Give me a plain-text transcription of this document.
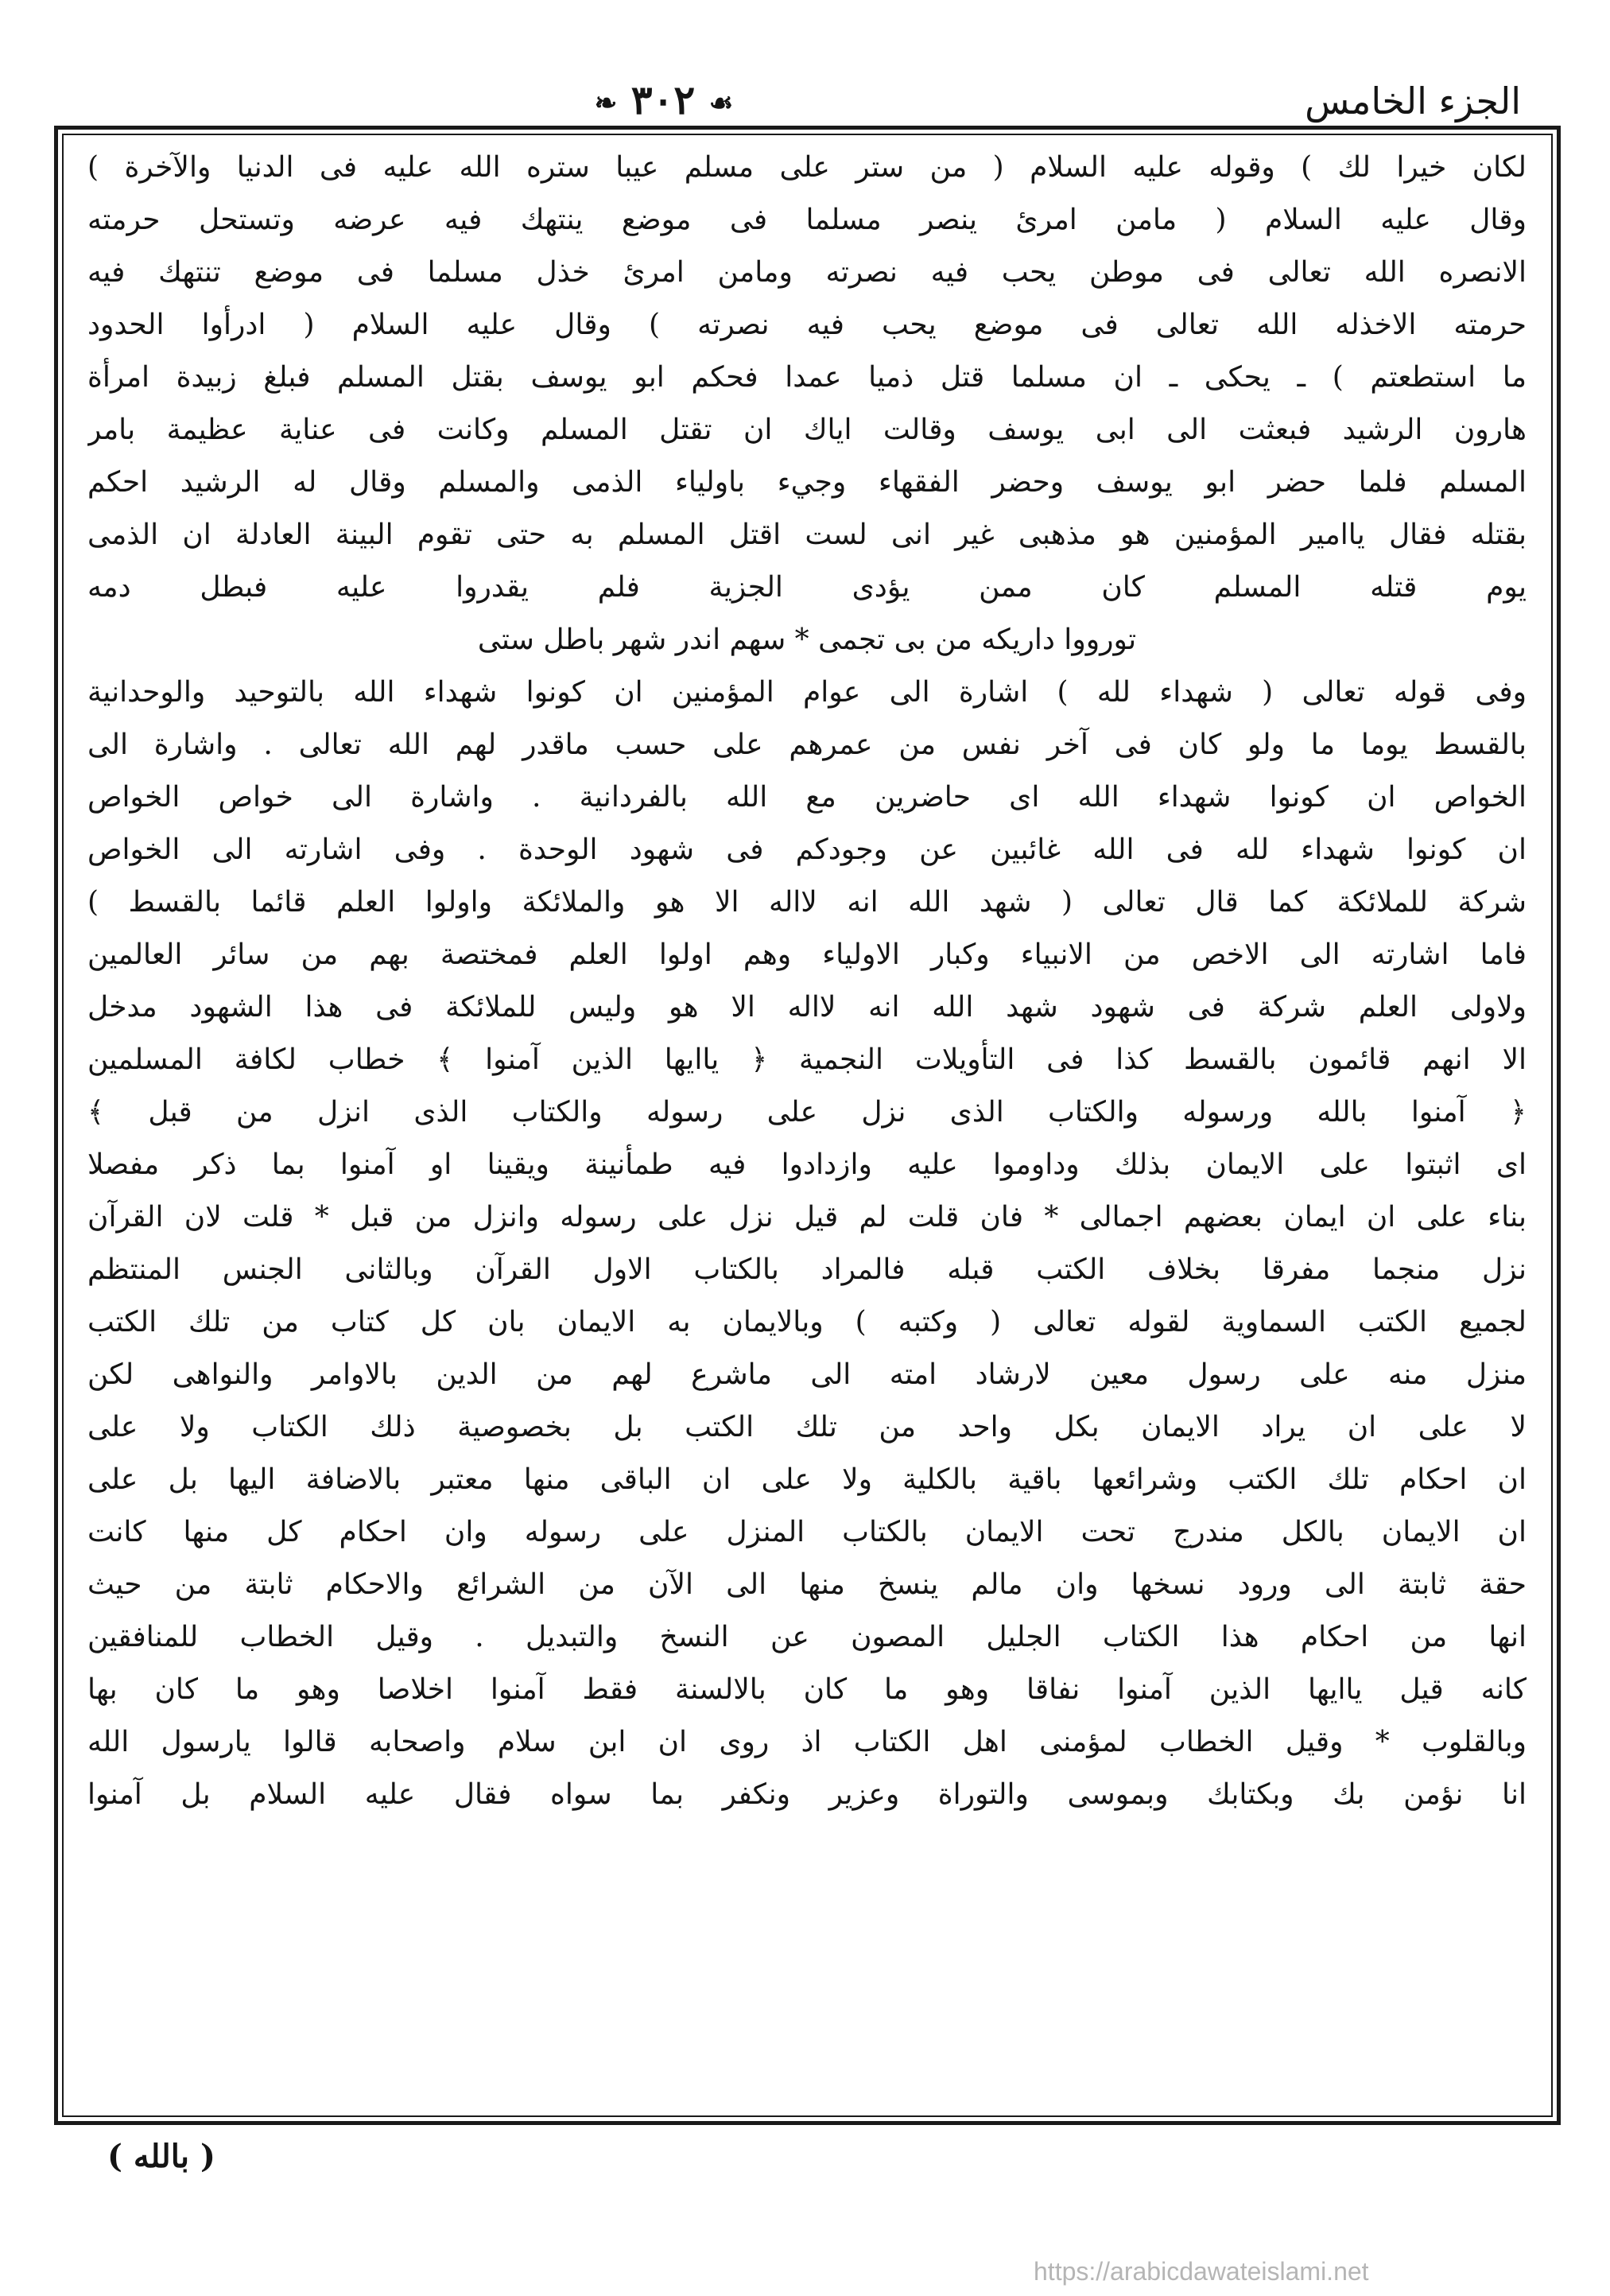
الجزء الخامس
❧ ٣٠٢ ☙
لكان خيرا لك ) وقوله عليه السلام ( من ستر على مسلم عيبا ستره الله عليه فى الدنيا والآخرة )
وقال عليه السلام ( مامن امرئ ينصر مسلما فى موضع ينتهك فيه عرضه وتستحل حرمته
الانصره الله تعالى فى موطن يحب فيه نصرته ومامن امرئ خذل مسلما فى موضع تنتهك فيه
حرمته الاخذله الله تعالى فى موضع يحب فيه نصرته ) وقال عليه السلام ( ادرأوا الحدود
ما استطعتم ) ـ يحكى ـ ان مسلما قتل ذميا عمدا فحكم ابو يوسف بقتل المسلم فبلغ زبيدة امرأة
هارون الرشيد فبعثت الى ابى يوسف وقالت اياك ان تقتل المسلم وكانت فى عناية عظيمة بامر
المسلم فلما حضر ابو يوسف وحضر الفقهاء وجيء باولياء الذمى والمسلم وقال له الرشيد احكم
بقتله فقال ياامير المؤمنين هو مذهبى غير انى لست اقتل المسلم به حتى تقوم البينة العادلة ان الذمى
يوم قتله المسلم كان ممن يؤدى الجزية فلم يقدروا عليه فبطل دمه
تورووا داريكه من بى تجمى * سهم اندر شهر باطل ستى
وفى قوله تعالى ( شهداء لله ) اشارة الى عوام المؤمنين ان كونوا شهداء الله بالتوحيد والوحدانية
بالقسط يوما ما ولو كان فى آخر نفس من عمرهم على حسب ماقدر لهم الله تعالى . واشارة الى
الخواص ان كونوا شهداء الله اى حاضرين مع الله بالفردانية . واشارة الى خواص الخواص
ان كونوا شهداء لله فى الله غائبين عن وجودكم فى شهود الوحدة . وفى اشارته الى الخواص
شركة للملائكة كما قال تعالى ( شهد الله انه لااله الا هو والملائكة واولوا العلم قائما بالقسط )
فاما اشارته الى الاخص من الانبياء وكبار الاولياء وهم اولوا العلم فمختصة بهم من سائر العالمين
ولاولى العلم شركة فى شهود شهد الله انه لااله الا هو وليس للملائكة فى هذا الشهود مدخل
الا انهم قائمون بالقسط كذا فى التأويلات النجمية ﴿ ياايها الذين آمنوا ﴾ خطاب لكافة المسلمين
﴿ آمنوا بالله ورسوله والكتاب الذى نزل على رسوله والكتاب الذى انزل من قبل ﴾
اى اثبتوا على الايمان بذلك وداوموا عليه وازدادوا فيه طمأنينة ويقينا او آمنوا بما ذكر مفصلا
بناء على ان ايمان بعضهم اجمالى * فان قلت لم قيل نزل على رسوله وانزل من قبل * قلت لان القرآن
نزل منجما مفرقا بخلاف الكتب قبله فالمراد بالكتاب الاول القرآن وبالثانى الجنس المنتظم
لجميع الكتب السماوية لقوله تعالى ( وكتبه ) وبالايمان به الايمان بان كل كتاب من تلك الكتب
منزل منه على رسول معين لارشاد امته الى ماشرع لهم من الدين بالاوامر والنواهى لكن
لا على ان يراد الايمان بكل واحد من تلك الكتب بل بخصوصية ذلك الكتاب ولا على
ان احكام تلك الكتب وشرائعها باقية بالكلية ولا على ان الباقى منها معتبر بالاضافة اليها بل على
ان الايمان بالكل مندرج تحت الايمان بالكتاب المنزل على رسوله وان احكام كل منها كانت
حقة ثابتة الى ورود نسخها وان مالم ينسخ منها الى الآن من الشرائع والاحكام ثابتة من حيث
انها من احكام هذا الكتاب الجليل المصون عن النسخ والتبديل . وقيل الخطاب للمنافقين
كانه قيل ياايها الذين آمنوا نفاقا وهو ما كان بالالسنة فقط آمنوا اخلاصا وهو ما كان بها
وبالقلوب * وقيل الخطاب لمؤمنى اهل الكتاب اذ روى ان ابن سلام واصحابه قالوا يارسول الله
انا نؤمن بك وبكتابك وبموسى والتوراة وعزير ونكفر بما سواه فقال عليه السلام بل آمنوا
( بالله )
https://arabicdawateislami.net
